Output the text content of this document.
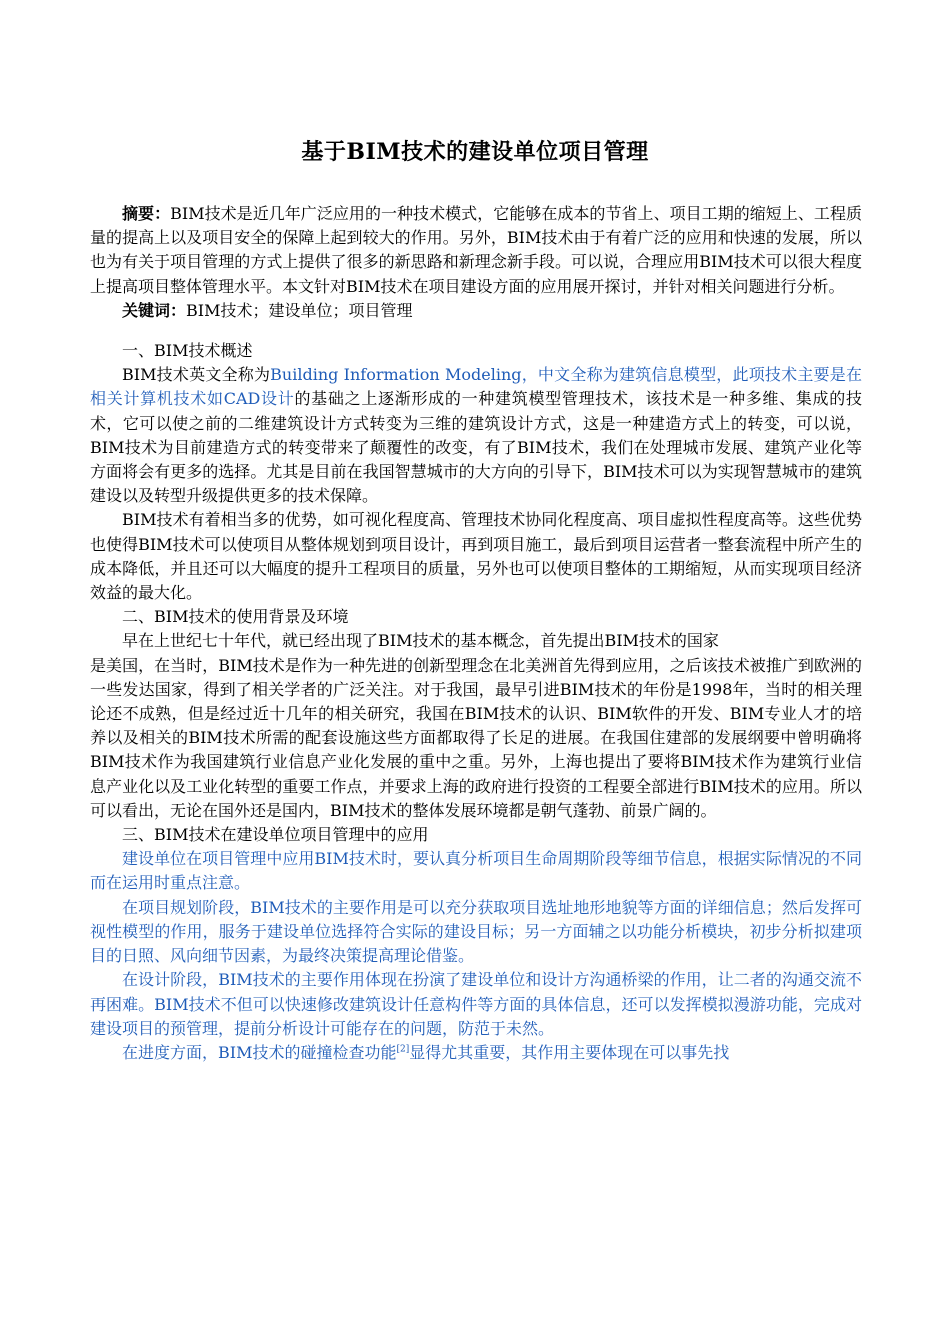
基于BIM技术的建设单位项目管理

摘要：BIM技术是近几年广泛应用的一种技术模式，它能够在成本的节省上、项目工期的缩短上、工程质量的提高上以及项目安全的保障上起到较大的作用。另外，BIM技术由于有着广泛的应用和快速的发展，所以也为有关于项目管理的方式上提供了很多的新思路和新理念新手段。可以说，合理应用BIM技术可以很大程度上提高项目整体管理水平。本文针对BIM技术在项目建设方面的应用展开探讨，并针对相关问题进行分析。

关键词：BIM技术；建设单位；项目管理

一、BIM技术概述

BIM技术英文全称为Building Information Modeling，中文全称为建筑信息模型，此项技术主要是在相关计算机技术如CAD设计的基础之上逐渐形成的一种建筑模型管理技术，该技术是一种多维、集成的技术，它可以使之前的二维建筑设计方式转变为三维的建筑设计方式，这是一种建造方式上的转变，可以说，BIM技术为目前建造方式的转变带来了颠覆性的改变，有了BIM技术，我们在处理城市发展、建筑产业化等方面将会有更多的选择。尤其是目前在我国智慧城市的大方向的引导下，BIM技术可以为实现智慧城市的建筑建设以及转型升级提供更多的技术保障。

BIM技术有着相当多的优势，如可视化程度高、管理技术协同化程度高、项目虚拟性程度高等。这些优势也使得BIM技术可以使项目从整体规划到项目设计，再到项目施工，最后到项目运营者一整套流程中所产生的成本降低，并且还可以大幅度的提升工程项目的质量，另外也可以使项目整体的工期缩短，从而实现项目经济效益的最大化。

二、BIM技术的使用背景及环境

早在上世纪七十年代，就已经出现了BIM技术的基本概念，首先提出BIM技术的国家

是美国，在当时，BIM技术是作为一种先进的创新型理念在北美洲首先得到应用，之后该技术被推广到欧洲的一些发达国家，得到了相关学者的广泛关注。对于我国，最早引进BIM技术的年份是1998年，当时的相关理论还不成熟，但是经过近十几年的相关研究，我国在BIM技术的认识、BIM软件的开发、BIM专业人才的培养以及相关的BIM技术所需的配套设施这些方面都取得了长足的进展。在我国住建部的发展纲要中曾明确将BIM技术作为我国建筑行业信息产业化发展的重中之重。另外，上海也提出了要将BIM技术作为建筑行业信息产业化以及工业化转型的重要工作点，并要求上海的政府进行投资的工程要全部进行BIM技术的应用。所以可以看出，无论在国外还是国内，BIM技术的整体发展环境都是朝气蓬勃、前景广阔的。

三、BIM技术在建设单位项目管理中的应用

建设单位在项目管理中应用BIM技术时，要认真分析项目生命周期阶段等细节信息，根据实际情况的不同而在运用时重点注意。

在项目规划阶段，BIM技术的主要作用是可以充分获取项目选址地形地貌等方面的详细信息；然后发挥可视性模型的作用，服务于建设单位选择符合实际的建设目标；另一方面辅之以功能分析模块，初步分析拟建项目的日照、风向细节因素，为最终决策提高理论借鉴。

在设计阶段，BIM技术的主要作用体现在扮演了建设单位和设计方沟通桥梁的作用，让二者的沟通交流不再困难。BIM技术不但可以快速修改建筑设计任意构件等方面的具体信息，还可以发挥模拟漫游功能，完成对建设项目的预管理，提前分析设计可能存在的问题，防范于未然。

在进度方面，BIM技术的碰撞检查功能[2]显得尤其重要，其作用主要体现在可以事先找
